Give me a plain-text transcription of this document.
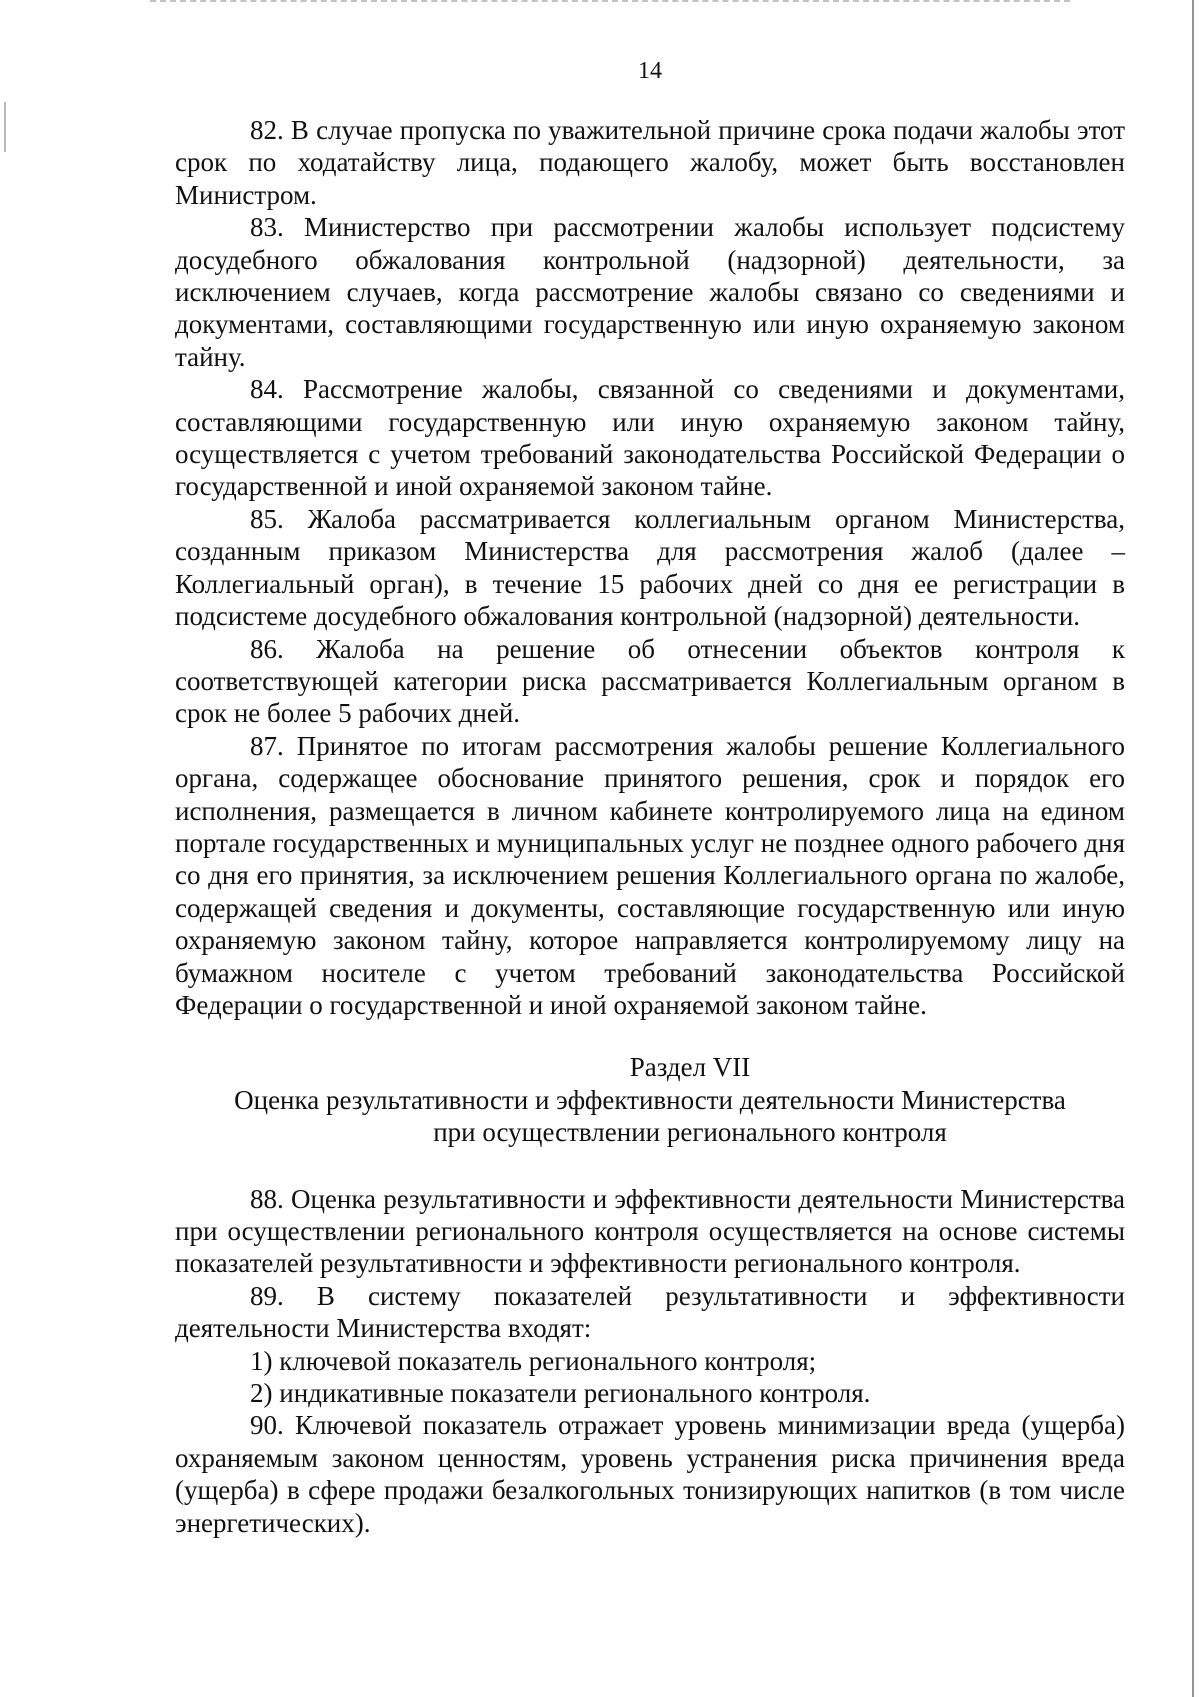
14

82. В случае пропуска по уважительной причине срока подачи жалобы этот срок по ходатайству лица, подающего жалобу, может быть восстановлен Министром.

83. Министерство при рассмотрении жалобы использует подсистему досудебного обжалования контрольной (надзорной) деятельности, за исключением случаев, когда рассмотрение жалобы связано со сведениями и документами, составляющими государственную или иную охраняемую законом тайну.

84. Рассмотрение жалобы, связанной со сведениями и документами, составляющими государственную или иную охраняемую законом тайну, осуществляется с учетом требований законодательства Российской Федерации о государственной и иной охраняемой законом тайне.

85. Жалоба рассматривается коллегиальным органом Министерства, созданным приказом Министерства для рассмотрения жалоб (далее – Коллегиальный орган), в течение 15 рабочих дней со дня ее регистрации в подсистеме досудебного обжалования контрольной (надзорной) деятельности.

86. Жалоба на решение об отнесении объектов контроля к соответствующей категории риска рассматривается Коллегиальным органом в срок не более 5 рабочих дней.

87. Принятое по итогам рассмотрения жалобы решение Коллегиального органа, содержащее обоснование принятого решения, срок и порядок его исполнения, размещается в личном кабинете контролируемого лица на едином портале государственных и муниципальных услуг не позднее одного рабочего дня со дня его принятия, за исключением решения Коллегиального органа по жалобе, содержащей сведения и документы, составляющие государственную или иную охраняемую законом тайну, которое направляется контролируемому лицу на бумажном носителе с учетом требований законодательства Российской Федерации о государственной и иной охраняемой законом тайне.

Раздел VII

Оценка результативности и эффективности деятельности Министерства

при осуществлении регионального контроля

88. Оценка результативности и эффективности деятельности Министерства при осуществлении регионального контроля осуществляется на основе системы показателей результативности и эффективности регионального контроля.

89. В систему показателей результативности и эффективности деятельности Министерства входят:

1) ключевой показатель регионального контроля;

2) индикативные показатели регионального контроля.

90. Ключевой показатель отражает уровень минимизации вреда (ущерба) охраняемым законом ценностям, уровень устранения риска причинения вреда (ущерба) в сфере продажи безалкогольных тонизирующих напитков (в том числе энергетических).
